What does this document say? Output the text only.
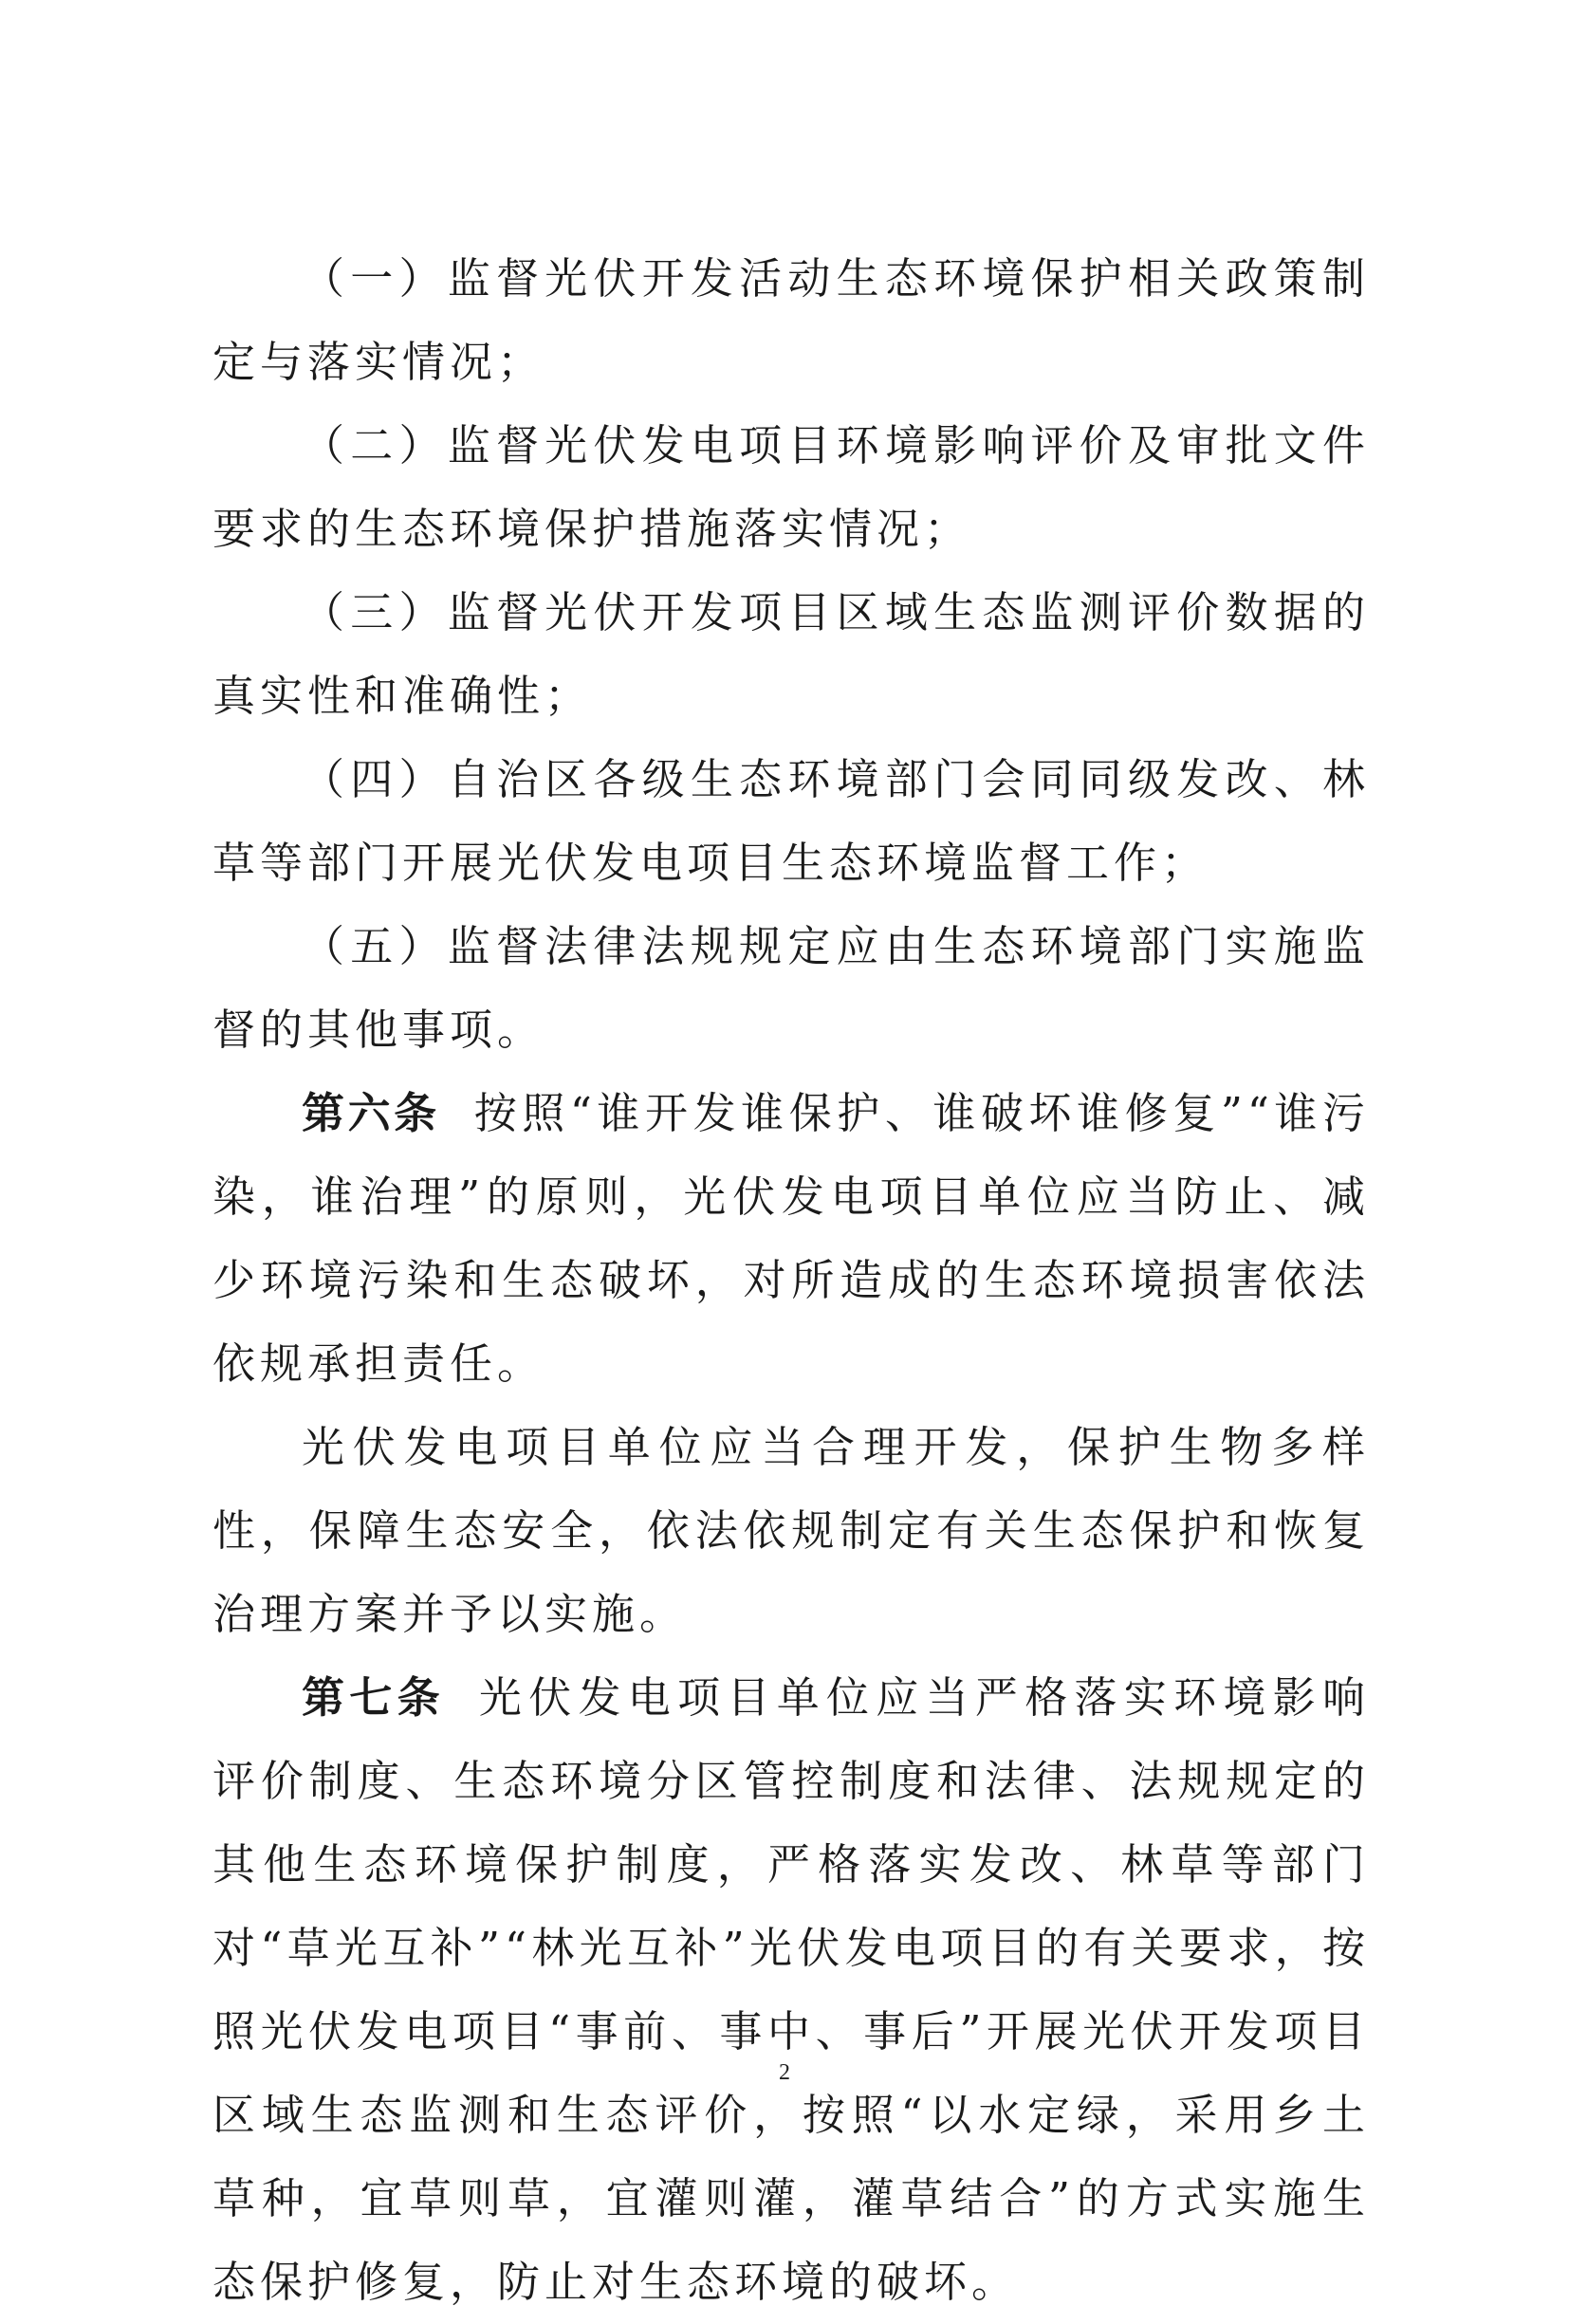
（一）监督光伏开发活动生态环境保护相关政策制定与落实情况；

（二）监督光伏发电项目环境影响评价及审批文件要求的生态环境保护措施落实情况；

（三）监督光伏开发项目区域生态监测评价数据的真实性和准确性；

（四）自治区各级生态环境部门会同同级发改、林草等部门开展光伏发电项目生态环境监督工作；

（五）监督法律法规规定应由生态环境部门实施监督的其他事项。

第六条 按照“谁开发谁保护、谁破坏谁修复”“谁污染，谁治理”的原则，光伏发电项目单位应当防止、减少环境污染和生态破坏，对所造成的生态环境损害依法依规承担责任。

光伏发电项目单位应当合理开发，保护生物多样性，保障生态安全，依法依规制定有关生态保护和恢复治理方案并予以实施。

第七条 光伏发电项目单位应当严格落实环境影响评价制度、生态环境分区管控制度和法律、法规规定的其他生态环境保护制度，严格落实发改、林草等部门对“草光互补”“林光互补”光伏发电项目的有关要求，按照光伏发电项目“事前、事中、事后”开展光伏开发项目区域生态监测和生态评价，按照“以水定绿，采用乡土草种，宜草则草，宜灌则灌，灌草结合”的方式实施生态保护修复，防止对生态环境的破坏。

2
